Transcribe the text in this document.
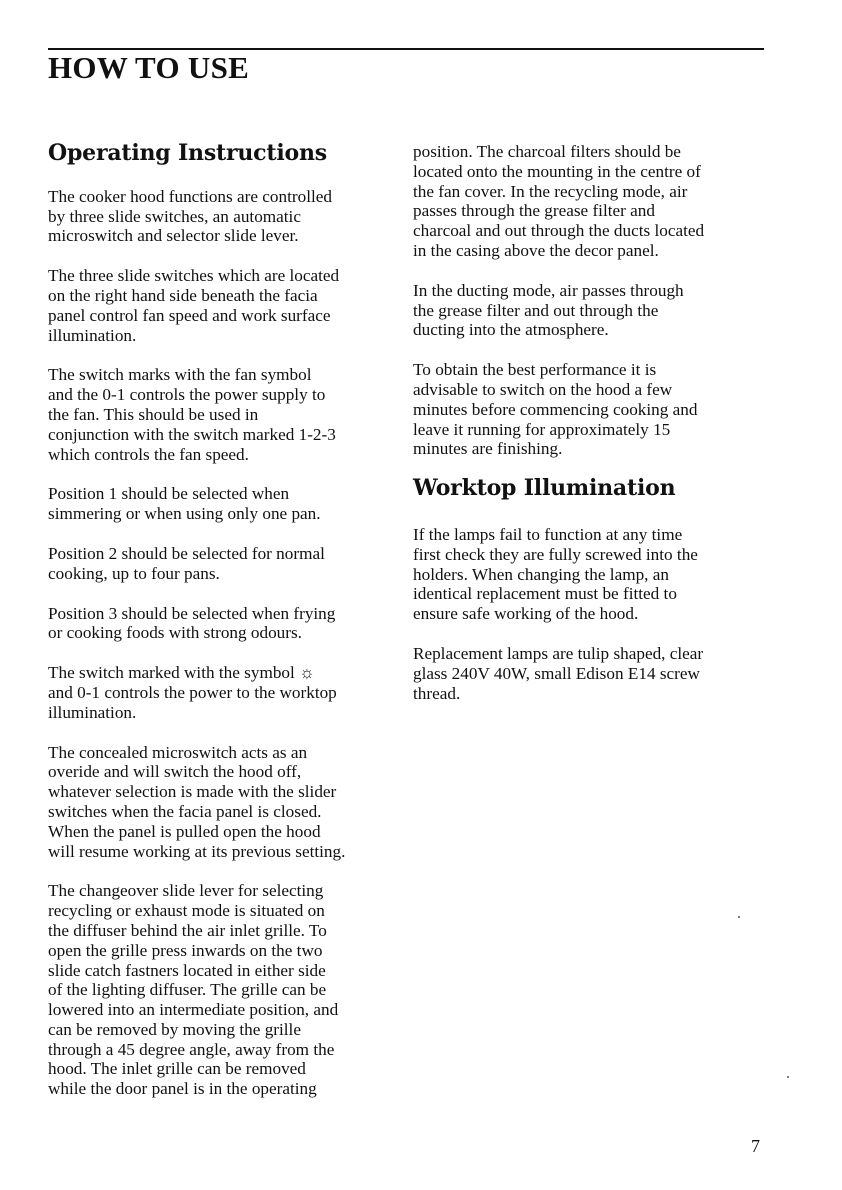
HOW TO USE
Operating Instructions

The cooker hood functions are controlled
by three slide switches, an automatic
microswitch and selector slide lever.

The three slide switches which are located
on the right hand side beneath the facia
panel control fan speed and work surface
illumination.

The switch marks with the fan symbol
and the 0-1 controls the power supply to
the fan. This should be used in
conjunction with the switch marked 1-2-3
which controls the fan speed.

Position 1 should be selected when
simmering or when using only one pan.

Position 2 should be selected for normal
cooking, up to four pans.

Position 3 should be selected when frying
or cooking foods with strong odours.

The switch marked with the symbol ☼
and 0-1 controls the power to the worktop
illumination.

The concealed microswitch acts as an
overide and will switch the hood off,
whatever selection is made with the slider
switches when the facia panel is closed.
When the panel is pulled open the hood
will resume working at its previous setting.

The changeover slide lever for selecting
recycling or exhaust mode is situated on
the diffuser behind the air inlet grille. To
open the grille press inwards on the two
slide catch fastners located in either side
of the lighting diffuser. The grille can be
lowered into an intermediate position, and
can be removed by moving the grille
through a 45 degree angle, away from the
hood. The inlet grille can be removed
while the door panel is in the operating

position. The charcoal filters should be
located onto the mounting in the centre of
the fan cover. In the recycling mode, air
passes through the grease filter and
charcoal and out through the ducts located
in the casing above the decor panel.

In the ducting mode, air passes through
the grease filter and out through the
ducting into the atmosphere.

To obtain the best performance it is
advisable to switch on the hood a few
minutes before commencing cooking and
leave it running for approximately 15
minutes are finishing.

Worktop Illumination

If the lamps fail to function at any time
first check they are fully screwed into the
holders. When changing the lamp, an
identical replacement must be fitted to
ensure safe working of the hood.

Replacement lamps are tulip shaped, clear
glass 240V 40W, small Edison E14 screw
thread.

7
